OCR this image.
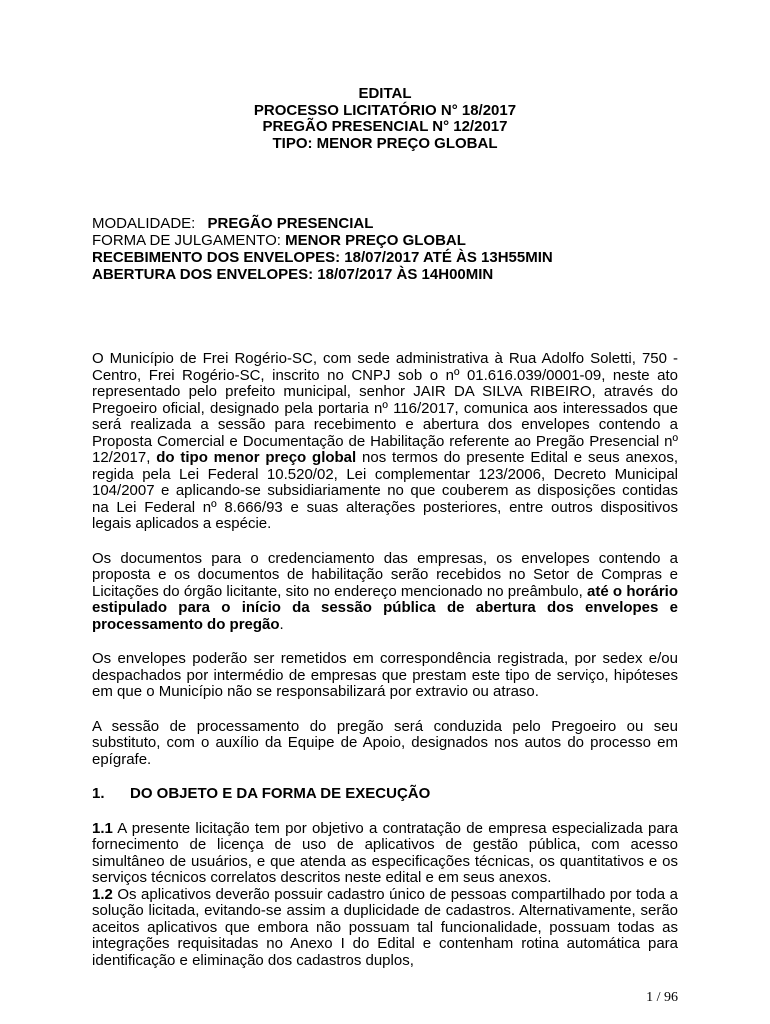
EDITAL
PROCESSO LICITATÓRIO N° 18/2017
PREGÃO PRESENCIAL N° 12/2017
TIPO: MENOR PREÇO GLOBAL
MODALIDADE: PREGÃO PRESENCIAL
FORMA DE JULGAMENTO: MENOR PREÇO GLOBAL
RECEBIMENTO DOS ENVELOPES: 18/07/2017 ATÉ ÀS 13H55MIN
ABERTURA DOS ENVELOPES: 18/07/2017 ÀS 14H00MIN

O Município de Frei Rogério-SC, com sede administrativa à Rua Adolfo Soletti, 750 - Centro, Frei Rogério-SC, inscrito no CNPJ sob o nº 01.616.039/0001-09, neste ato representado pelo prefeito municipal, senhor JAIR DA SILVA RIBEIRO, através do Pregoeiro oficial, designado pela portaria nº 116/2017, comunica aos interessados que será realizada a sessão para recebimento e abertura dos envelopes contendo a Proposta Comercial e Documentação de Habilitação referente ao Pregão Presencial nº 12/2017, do tipo menor preço global nos termos do presente Edital e seus anexos, regida pela Lei Federal 10.520/02, Lei complementar 123/2006, Decreto Municipal 104/2007 e aplicando-se subsidiariamente no que couberem as disposições contidas na Lei Federal nº 8.666/93 e suas alterações posteriores, entre outros dispositivos legais aplicados a espécie.

Os documentos para o credenciamento das empresas, os envelopes contendo a proposta e os documentos de habilitação serão recebidos no Setor de Compras e Licitações do órgão licitante, sito no endereço mencionado no preâmbulo, até o horário estipulado para o início da sessão pública de abertura dos envelopes e processamento do pregão.

Os envelopes poderão ser remetidos em correspondência registrada, por sedex e/ou despachados por intermédio de empresas que prestam este tipo de serviço, hipóteses em que o Município não se responsabilizará por extravio ou atraso.

A sessão de processamento do pregão será conduzida pelo Pregoeiro ou seu substituto, com o auxílio da Equipe de Apoio, designados nos autos do processo em epígrafe.

1. DO OBJETO E DA FORMA DE EXECUÇÃO

1.1 A presente licitação tem por objetivo a contratação de empresa especializada para fornecimento de licença de uso de aplicativos de gestão pública, com acesso simultâneo de usuários, e que atenda as especificações técnicas, os quantitativos e os serviços técnicos correlatos descritos neste edital e em seus anexos.

1.2 Os aplicativos deverão possuir cadastro único de pessoas compartilhado por toda a solução licitada, evitando-se assim a duplicidade de cadastros. Alternativamente, serão aceitos aplicativos que embora não possuam tal funcionalidade, possuam todas as integrações requisitadas no Anexo I do Edital e contenham rotina automática para identificação e eliminação dos cadastros duplos,

1 / 96
